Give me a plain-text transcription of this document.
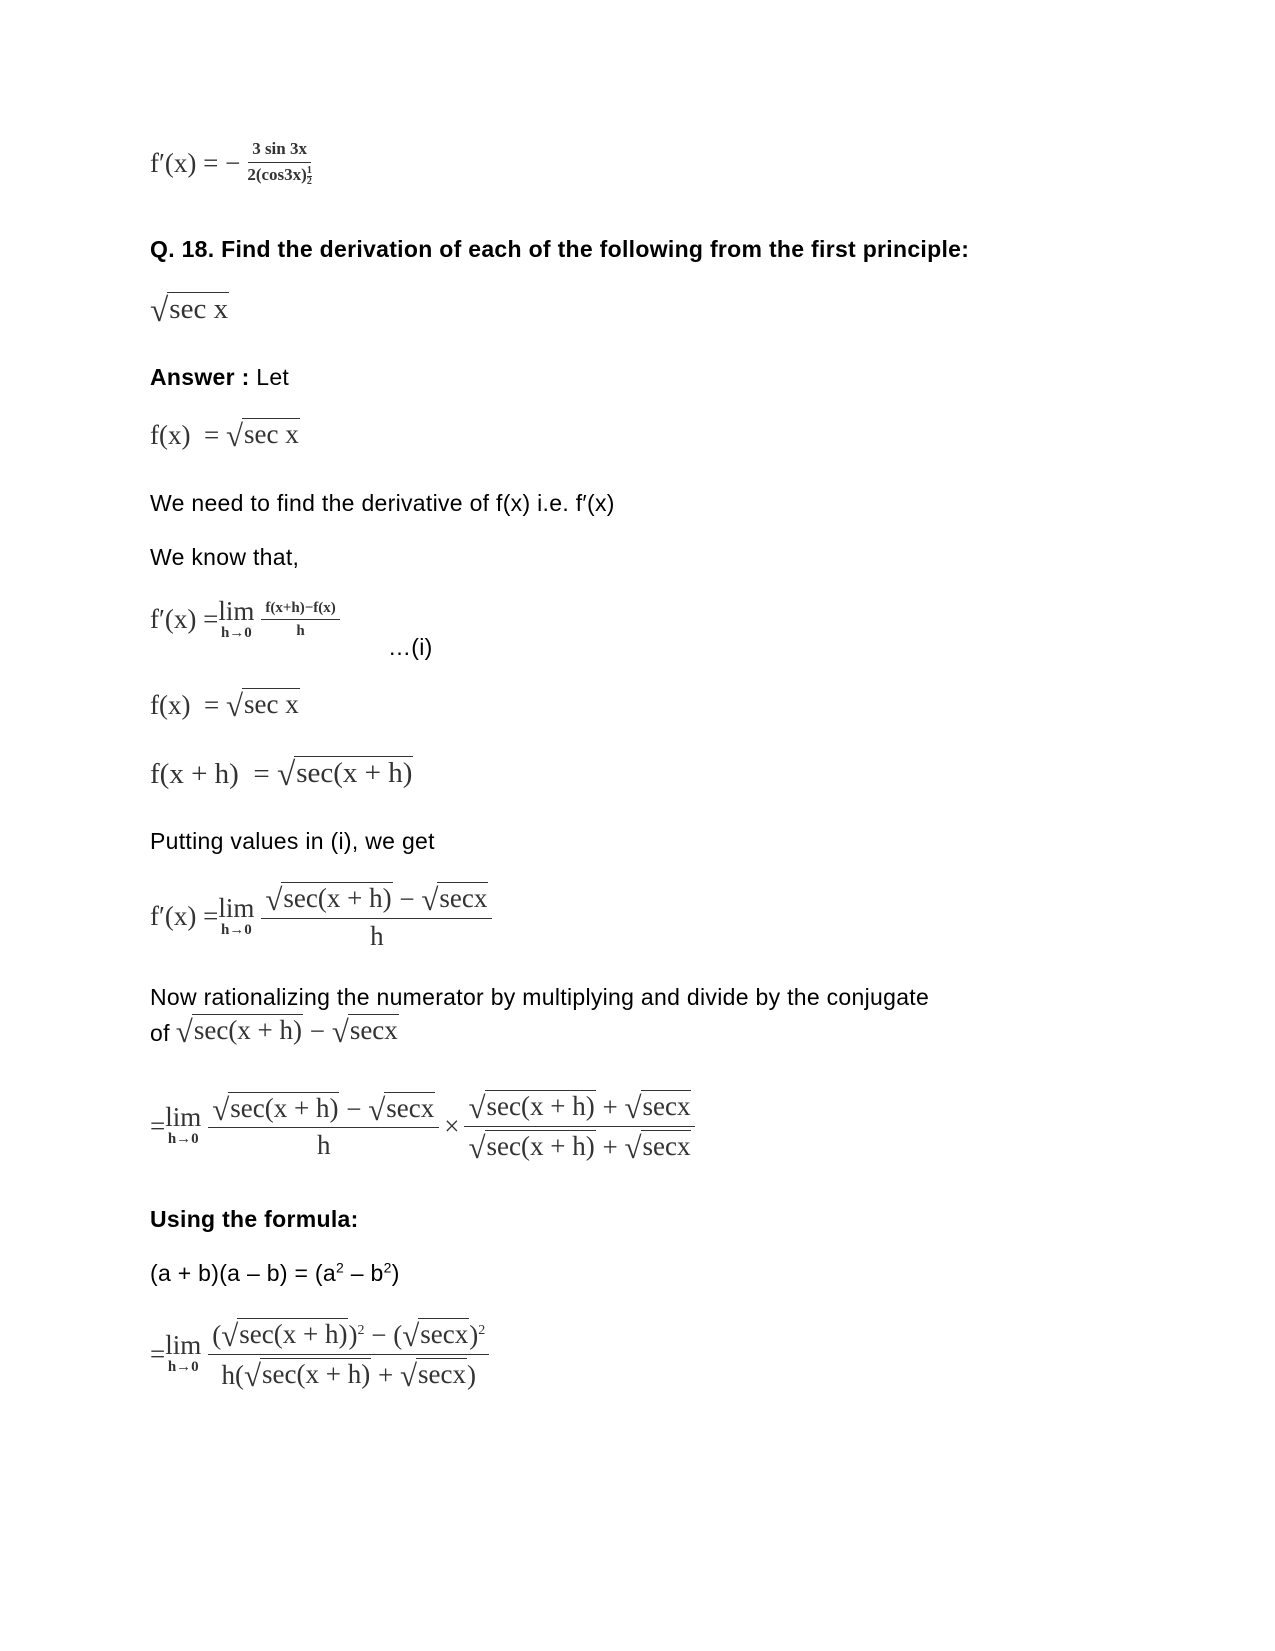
f′(x) = − $\frac{3 \sin 3x}{2(\cos 3x) \frac{1}{2}}$
Q. 18. Find the derivation of each of the following from the first principle:
√ sec x
Answer : Let
f(x)  = √ sec x
We need to find the derivative of f(x) i.e. f′(x)
We know that,
f′(x) = lim
$h\to 0 \frac{f(x+h)-f(x)}{h}$
…(i)
f(x)  = √ sec x
f(x + h)  = √ sec(x + h)
Putting values in (i), we get
f′(x) = lim
$h\to 0 \frac{√ \sec(x + h) - √ \sec x}{h}$
Now rationalizing the numerator by multiplying and divide by the conjugate
of √ sec(x + h) − √ secx
= lim
$h\to 0 \frac{√ \sec(x + h) - √ \sec x}{h} \times \frac{√ \sec(x + h) + √ \sec x}{√ \sec(x + h) + √ \sec x}$
Using the formula:
$(a + b)(a - b) = (a^2 - b^2)$
= lim
$h\to 0 \frac{( √ \sec(x + h) )^2 - ( √ \sec x )^2}{h( √ \sec(x + h) + √ \sec x )}$
